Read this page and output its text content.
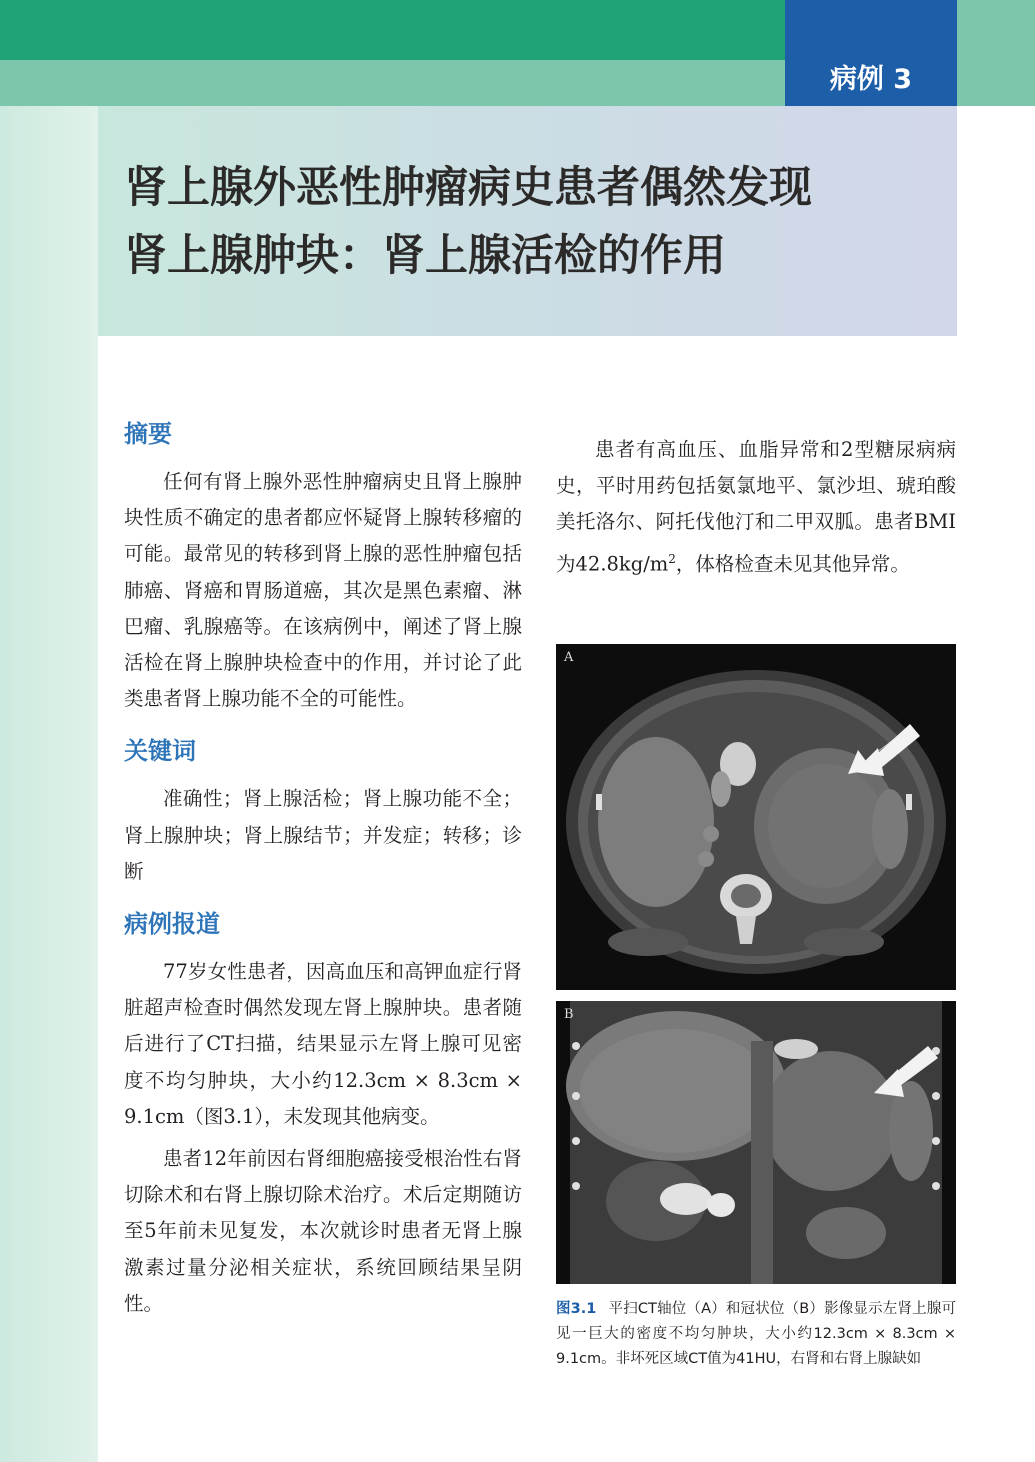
病例 3
肾上腺外恶性肿瘤病史患者偶然发现
肾上腺肿块：肾上腺活检的作用
摘要

任何有肾上腺外恶性肿瘤病史且肾上腺肿块性质不确定的患者都应怀疑肾上腺转移瘤的可能。最常见的转移到肾上腺的恶性肿瘤包括肺癌、肾癌和胃肠道癌，其次是黑色素瘤、淋巴瘤、乳腺癌等。在该病例中，阐述了肾上腺活检在肾上腺肿块检查中的作用，并讨论了此类患者肾上腺功能不全的可能性。

关键词

准确性；肾上腺活检；肾上腺功能不全；肾上腺肿块；肾上腺结节；并发症；转移；诊断

病例报道

77岁女性患者，因高血压和高钾血症行肾脏超声检查时偶然发现左肾上腺肿块。患者随后进行了CT扫描，结果显示左肾上腺可见密度不均匀肿块，大小约12.3cm × 8.3cm × 9.1cm（图3.1），未发现其他病变。

患者12年前因右肾细胞癌接受根治性右肾切除术和右肾上腺切除术治疗。术后定期随访至5年前未见复发，本次就诊时患者无肾上腺激素过量分泌相关症状，系统回顾结果呈阴性。

患者有高血压、血脂异常和2型糖尿病病史，平时用药包括氨氯地平、氯沙坦、琥珀酸美托洛尔、阿托伐他汀和二甲双胍。患者BMI为$42.8kg/m^2$，体格检查未见其他异常。

A
B
图3.1 平扫CT轴位（A）和冠状位（B）影像显示左肾上腺可见一巨大的密度不均匀肿块，大小约12.3cm × 8.3cm × 9.1cm。非坏死区域CT值为41HU，右肾和右肾上腺缺如
